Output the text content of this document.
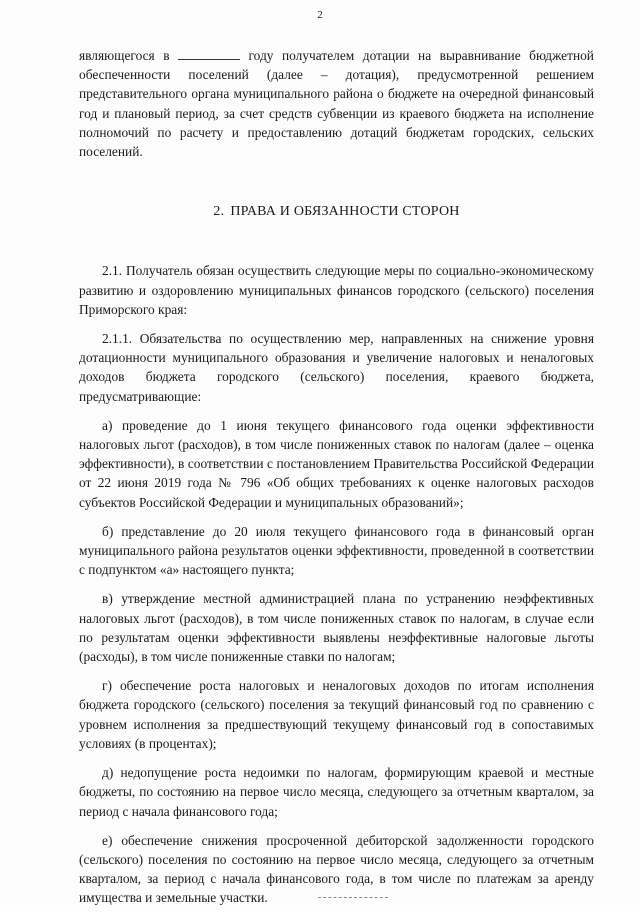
2

являющегося в	году получателем дотации на выравнивание бюджетной обеспеченности поселений (далее – дотация), предусмотренной решением представительного органа муниципального района о бюджете на очередной финансовый год и плановый период, за счет средств субвенции из краевого бюджета на исполнение полномочий по расчету и предоставлению дотаций бюджетам городских, сельских поселений.

2. ПРАВА И ОБЯЗАННОСТИ СТОРОН

2.1. Получатель обязан осуществить следующие меры по социально-экономическому развитию и оздоровлению муниципальных финансов городского (сельского) поселения Приморского края:

2.1.1. Обязательства по осуществлению мер, направленных на снижение уровня дотационности муниципального образования и увеличение налоговых и неналоговых доходов бюджета городского (сельского) поселения, краевого бюджета, предусматривающие:

а) проведение до 1 июня текущего финансового года оценки эффективности налоговых льгот (расходов), в том числе пониженных ставок по налогам (далее – оценка эффективности), в соответствии с постановлением Правительства Российской Федерации от 22 июня 2019 года № 796 «Об общих требованиях к оценке налоговых расходов субъектов Российской Федерации и муниципальных образований»;

б) представление до 20 июля текущего финансового года в финансовый орган муниципального района результатов оценки эффективности, проведенной в соответствии с подпунктом «а» настоящего пункта;

в) утверждение местной администрацией плана по устранению неэффективных налоговых льгот (расходов), в том числе пониженных ставок по налогам, в случае если по результатам оценки эффективности выявлены неэффективные налоговые льготы (расходы), в том числе пониженные ставки по налогам;

г) обеспечение роста налоговых и неналоговых доходов по итогам исполнения бюджета городского (сельского) поселения за текущий финансовый год по сравнению с уровнем исполнения за предшествующий текущему финансовый год в сопоставимых условиях (в процентах);

д) недопущение роста недоимки по налогам, формирующим краевой и местные бюджеты, по состоянию на первое число месяца, следующего за отчетным кварталом, за период с начала финансового года;

е) обеспечение снижения просроченной дебиторской задолженности городского (сельского) поселения по состоянию на первое число месяца, следующего за отчетным кварталом, за период с начала финансового года, в том числе по платежам за аренду имущества и земельные участки.
